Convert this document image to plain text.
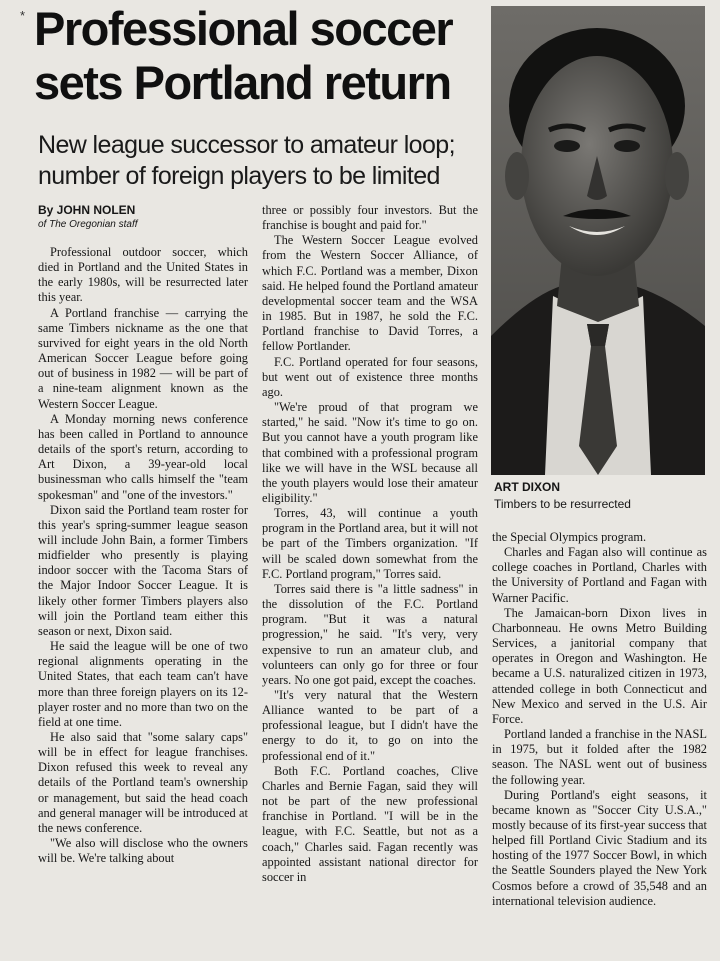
* Professional soccer
sets Portland return
New league successor to amateur loop;
number of foreign players to be limited
By JOHN NOLEN
of The Oregonian staff

Professional outdoor soccer, which died in Portland and the United States in the early 1980s, will be resurrected later this year.

A Portland franchise — carrying the same Timbers nickname as the one that survived for eight years in the old North American Soccer League before going out of business in 1982 — will be part of a nine-team alignment known as the Western Soccer League.

A Monday morning news conference has been called in Portland to announce details of the sport's return, according to Art Dixon, a 39-year-old local businessman who calls himself the "team spokesman" and "one of the investors."

Dixon said the Portland team roster for this year's spring-summer league season will include John Bain, a former Timbers midfielder who presently is playing indoor soccer with the Tacoma Stars of the Major Indoor Soccer League. It is likely other former Timbers players also will join the Portland team either this season or next, Dixon said.

He said the league will be one of two regional alignments operating in the United States, that each team can't have more than three foreign players on its 12-player roster and no more than two on the field at one time.

He also said that "some salary caps" will be in effect for league franchises. Dixon refused this week to reveal any details of the Portland team's ownership or management, but said the head coach and general manager will be introduced at the news conference.

"We also will disclose who the owners will be. We're talking about

three or possibly four investors. But the franchise is bought and paid for."

The Western Soccer League evolved from the Western Soccer Alliance, of which F.C. Portland was a member, Dixon said. He helped found the Portland amateur developmental soccer team and the WSA in 1985. But in 1987, he sold the F.C. Portland franchise to David Torres, a fellow Portlander.

F.C. Portland operated for four seasons, but went out of existence three months ago.

"We're proud of that program we started," he said. "Now it's time to go on. But you cannot have a youth program like that combined with a professional program like we will have in the WSL because all the youth players would lose their amateur eligibility."

Torres, 43, will continue a youth program in the Portland area, but it will not be part of the Timbers organization. "If will be scaled down somewhat from the F.C. Portland program," Torres said.

Torres said there is "a little sadness" in the dissolution of the F.C. Portland program. "But it was a natural progression," he said. "It's very, very expensive to run an amateur club, and volunteers can only go for three or four years. No one got paid, except the coaches.

"It's very natural that the Western Alliance wanted to be part of a professional league, but I didn't have the energy to do it, to go on into the professional end of it."

Both F.C. Portland coaches, Clive Charles and Bernie Fagan, said they will not be part of the new professional franchise in Portland. "I will be in the league, with F.C. Seattle, but not as a coach," Charles said. Fagan recently was appointed assistant national director for soccer in

ART DIXON
Timbers to be resurrected

the Special Olympics program.

Charles and Fagan also will continue as college coaches in Portland, Charles with the University of Portland and Fagan with Warner Pacific.

The Jamaican-born Dixon lives in Charbonneau. He owns Metro Building Services, a janitorial company that operates in Oregon and Washington. He became a U.S. naturalized citizen in 1973, attended college in both Connecticut and New Mexico and served in the U.S. Air Force.

Portland landed a franchise in the NASL in 1975, but it folded after the 1982 season. The NASL went out of business the following year.

During Portland's eight seasons, it became known as "Soccer City U.S.A.," mostly because of its first-year success that helped fill Portland Civic Stadium and its hosting of the 1977 Soccer Bowl, in which the Seattle Sounders played the New York Cosmos before a crowd of 35,548 and an international television audience.
